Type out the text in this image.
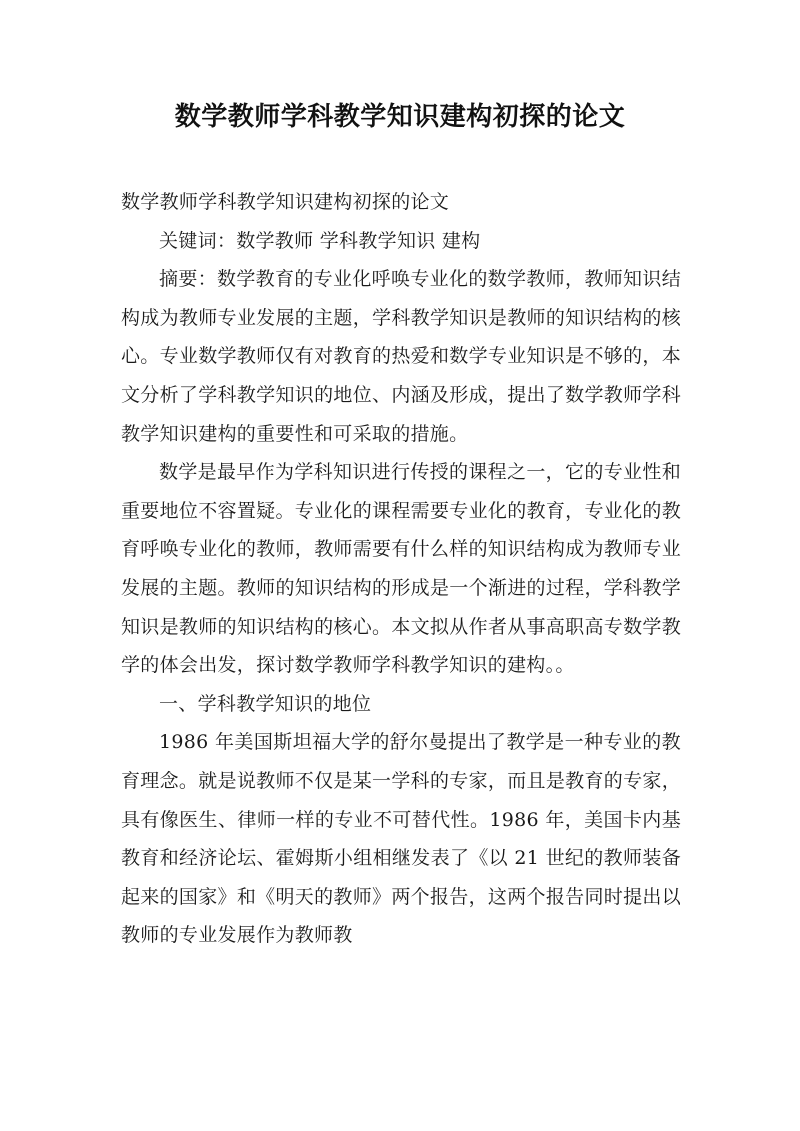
数学教师学科教学知识建构初探的论文

数学教师学科教学知识建构初探的论文

关键词：数学教师 学科教学知识 建构

摘要：数学教育的专业化呼唤专业化的数学教师，教师知识结构成为教师专业发展的主题，学科教学知识是教师的知识结构的核心。专业数学教师仅有对教育的热爱和数学专业知识是不够的，本文分析了学科教学知识的地位、内涵及形成，提出了数学教师学科教学知识建构的重要性和可采取的措施。

数学是最早作为学科知识进行传授的课程之一，它的专业性和重要地位不容置疑。专业化的课程需要专业化的教育，专业化的教育呼唤专业化的教师，教师需要有什么样的知识结构成为教师专业发展的主题。教师的知识结构的形成是一个渐进的过程，学科教学知识是教师的知识结构的核心。本文拟从作者从事高职高专数学教学的体会出发，探讨数学教师学科教学知识的建构。。

一、学科教学知识的地位

1986 年美国斯坦福大学的舒尔曼提出了教学是一种专业的教育理念。就是说教师不仅是某一学科的专家，而且是教育的专家，具有像医生、律师一样的专业不可替代性。1986 年，美国卡内基教育和经济论坛、霍姆斯小组相继发表了《以 21 世纪的教师装备起来的国家》和《明天的教师》两个报告，这两个报告同时提出以教师的专业发展作为教师教
